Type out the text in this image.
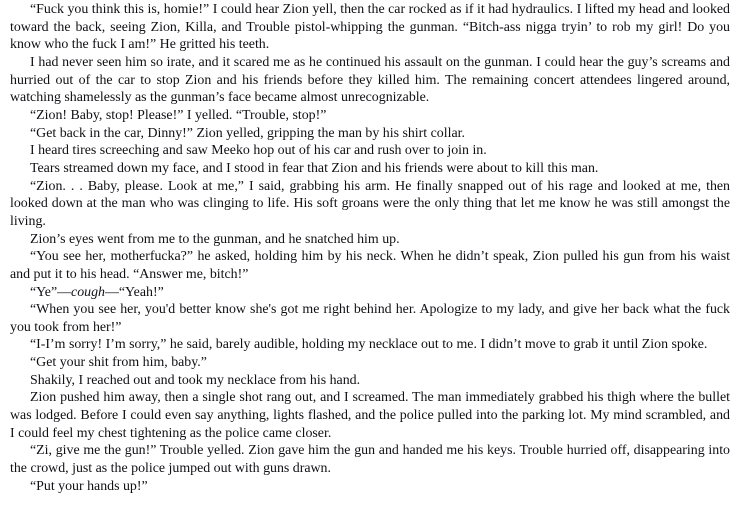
“Fuck you think this is, homie!” I could hear Zion yell, then the car rocked as if it had hydraulics. I lifted my head and looked toward the back, seeing Zion, Killa, and Trouble pistol-whipping the gunman. “Bitch-ass nigga tryin’ to rob my girl! Do you know who the fuck I am!” He gritted his teeth.

I had never seen him so irate, and it scared me as he continued his assault on the gunman. I could hear the guy’s screams and hurried out of the car to stop Zion and his friends before they killed him. The remaining concert attendees lingered around, watching shamelessly as the gunman’s face became almost unrecognizable.

“Zion! Baby, stop! Please!” I yelled. “Trouble, stop!”

“Get back in the car, Dinny!” Zion yelled, gripping the man by his shirt collar.

I heard tires screeching and saw Meeko hop out of his car and rush over to join in.

Tears streamed down my face, and I stood in fear that Zion and his friends were about to kill this man.

“Zion. . . Baby, please. Look at me,” I said, grabbing his arm. He finally snapped out of his rage and looked at me, then looked down at the man who was clinging to life. His soft groans were the only thing that let me know he was still amongst the living.

Zion’s eyes went from me to the gunman, and he snatched him up.

“You see her, motherfucka?” he asked, holding him by his neck. When he didn’t speak, Zion pulled his gun from his waist and put it to his head. “Answer me, bitch!”

“Ye”—cough—“Yeah!”

“When you see her, you'd better know she's got me right behind her. Apologize to my lady, and give her back what the fuck you took from her!”

“I-I’m sorry! I’m sorry,” he said, barely audible, holding my necklace out to me. I didn’t move to grab it until Zion spoke.

“Get your shit from him, baby.”

Shakily, I reached out and took my necklace from his hand.

Zion pushed him away, then a single shot rang out, and I screamed. The man immediately grabbed his thigh where the bullet was lodged. Before I could even say anything, lights flashed, and the police pulled into the parking lot. My mind scrambled, and I could feel my chest tightening as the police came closer.

“Zi, give me the gun!” Trouble yelled. Zion gave him the gun and handed me his keys. Trouble hurried off, disappearing into the crowd, just as the police jumped out with guns drawn.

“Put your hands up!”
